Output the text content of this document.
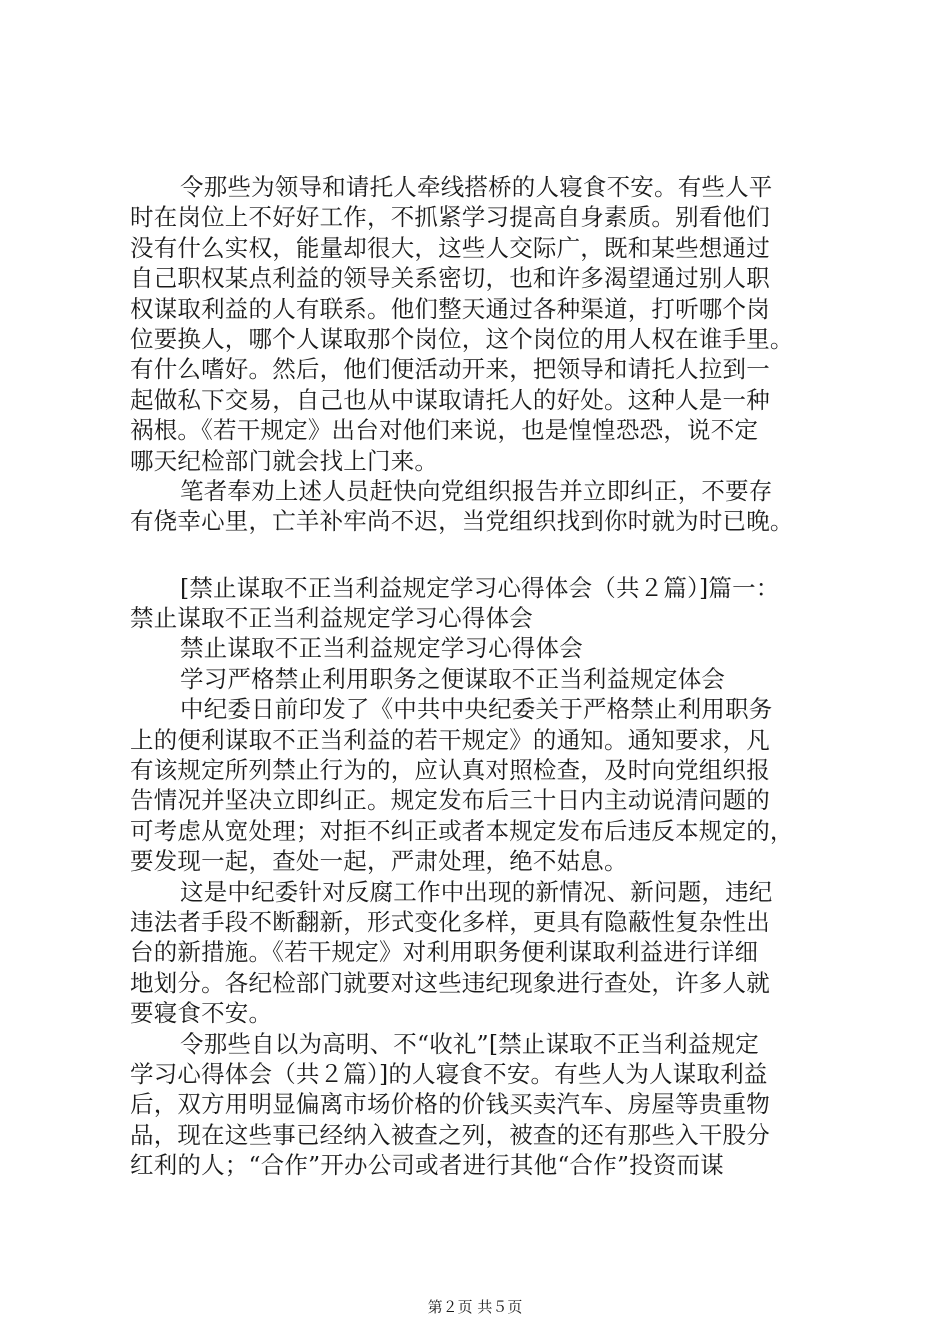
令那些为领导和请托人牵线搭桥的人寝食不安。有些人平
时在岗位上不好好工作，不抓紧学习提高自身素质。别看他们
没有什么实权，能量却很大，这些人交际广，既和某些想通过
自己职权某点利益的领导关系密切，也和许多渴望通过别人职
权谋取利益的人有联系。他们整天通过各种渠道，打听哪个岗
位要换人，哪个人谋取那个岗位，这个岗位的用人权在谁手里。
有什么嗜好。然后，他们便活动开来，把领导和请托人拉到一
起做私下交易，自己也从中谋取请托人的好处。这种人是一种
祸根。《若干规定》出台对他们来说，也是惶惶恐恐，说不定
哪天纪检部门就会找上门来。
笔者奉劝上述人员赶快向党组织报告并立即纠正，不要存
有侥幸心里，亡羊补牢尚不迟，当党组织找到你时就为时已晚。
[禁止谋取不正当利益规定学习心得体会（共２篇）]篇一：
禁止谋取不正当利益规定学习心得体会
禁止谋取不正当利益规定学习心得体会
学习严格禁止利用职务之便谋取不正当利益规定体会
中纪委日前印发了《中共中央纪委关于严格禁止利用职务
上的便利谋取不正当利益的若干规定》的通知。通知要求，凡
有该规定所列禁止行为的，应认真对照检查，及时向党组织报
告情况并坚决立即纠正。规定发布后三十日内主动说清问题的
可考虑从宽处理；对拒不纠正或者本规定发布后违反本规定的，
要发现一起，查处一起，严肃处理，绝不姑息。
这是中纪委针对反腐工作中出现的新情况、新问题，违纪
违法者手段不断翻新，形式变化多样，更具有隐蔽性复杂性出
台的新措施。《若干规定》对利用职务便利谋取利益进行详细
地划分。各纪检部门就要对这些违纪现象进行查处，许多人就
要寝食不安。
令那些自以为高明、不“收礼”[禁止谋取不正当利益规定
学习心得体会（共２篇）]的人寝食不安。有些人为人谋取利益
后，双方用明显偏离市场价格的价钱买卖汽车、房屋等贵重物
品，现在这些事已经纳入被查之列，被查的还有那些入干股分
红利的人；“合作”开办公司或者进行其他“合作”投资而谋
第２页 共５页
